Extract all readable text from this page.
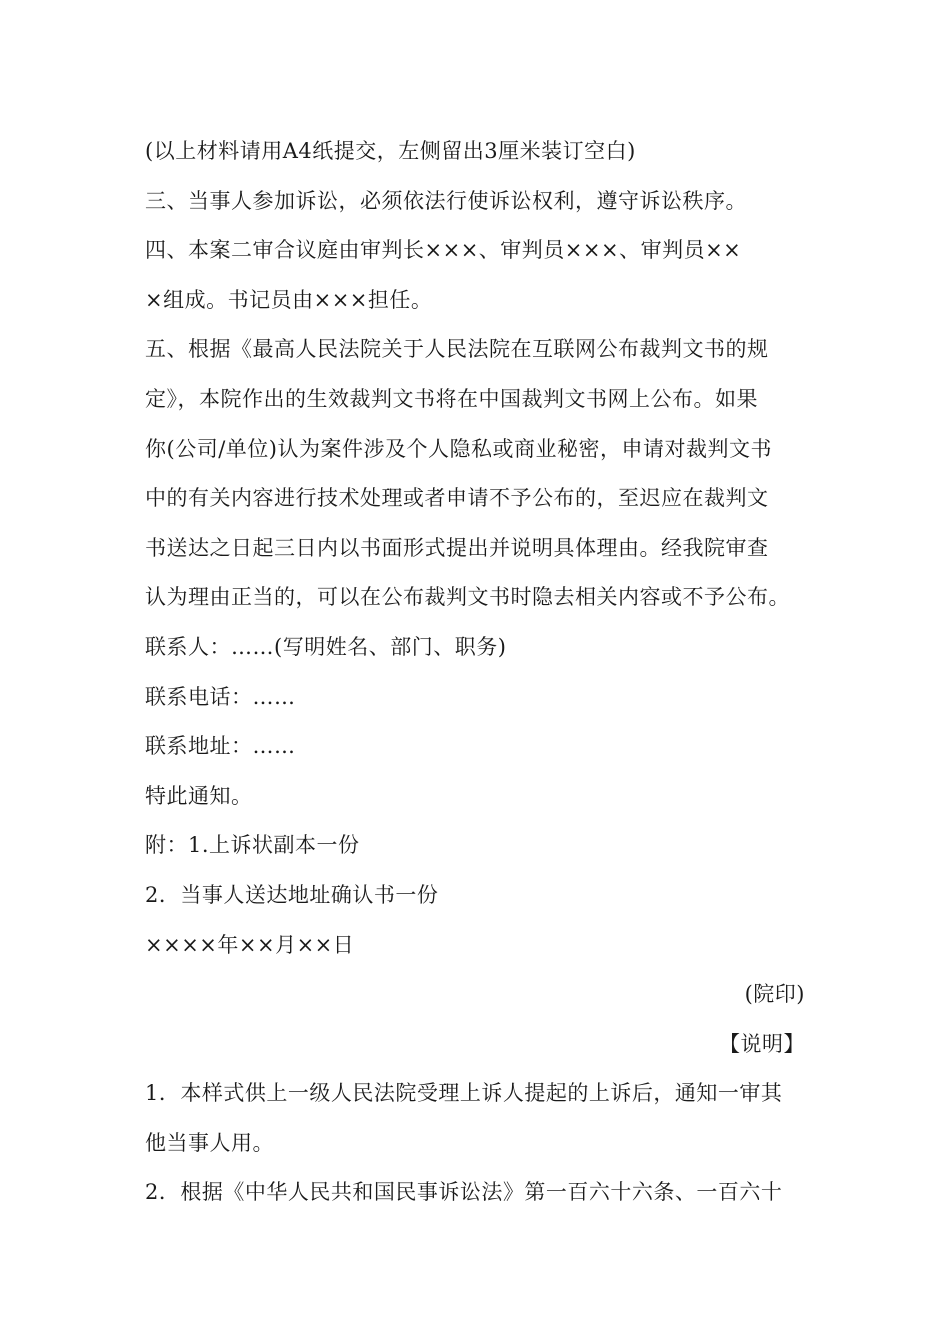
(以上材料请用A4纸提交，左侧留出3厘米装订空白)
三、当事人参加诉讼，必须依法行使诉讼权利，遵守诉讼秩序。
四、本案二审合议庭由审判长×××、审判员×××、审判员××
×组成。书记员由×××担任。
五、根据《最高人民法院关于人民法院在互联网公布裁判文书的规
定》，本院作出的生效裁判文书将在中国裁判文书网上公布。如果
你(公司/单位)认为案件涉及个人隐私或商业秘密，申请对裁判文书
中的有关内容进行技术处理或者申请不予公布的，至迟应在裁判文
书送达之日起三日内以书面形式提出并说明具体理由。经我院审查
认为理由正当的，可以在公布裁判文书时隐去相关内容或不予公布。
联系人：……(写明姓名、部门、职务)
联系电话：……
联系地址：……
特此通知。
附：1.上诉状副本一份
2．当事人送达地址确认书一份
××××年××月××日
(院印)
【说明】
1．本样式供上一级人民法院受理上诉人提起的上诉后，通知一审其
他当事人用。
2．根据《中华人民共和国民事诉讼法》第一百六十六条、一百六十
